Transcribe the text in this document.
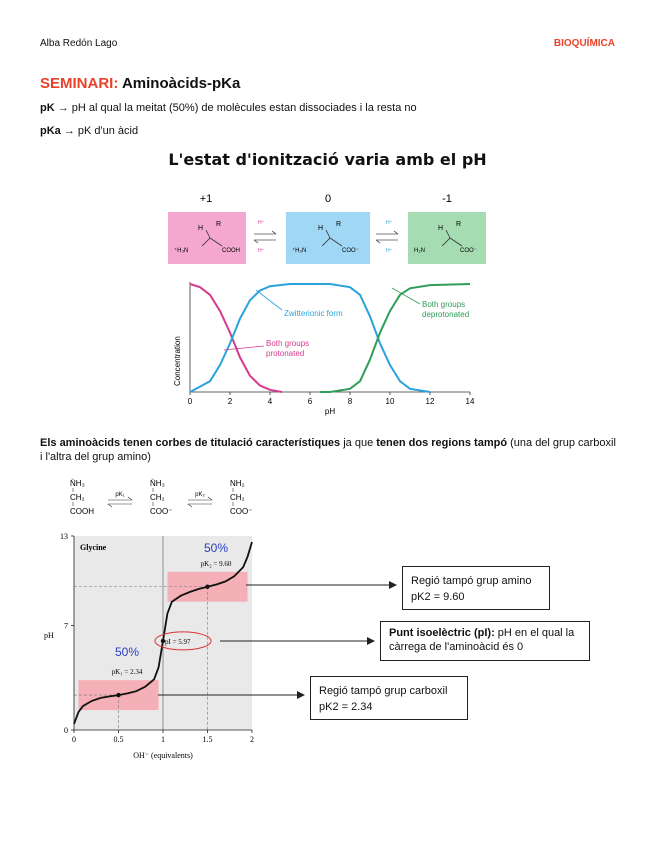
Alba Redón Lago	BIOQUÍMICA
SEMINARI: Aminoàcids-pKa
pK → pH al qual la meitat (50%) de molècules estan dissociades i la resta no
pKa → pK d'un àcid
L'estat d'ionització varia amb el pH
+1	0	-1
H
R
⁺H₃N	COOH
H
R
⁺H₃N	COO⁻
H
R
H₂N	COO⁻
H⁺
H⁺
H⁺
H⁺
Concentration
pH
0	2	4	6	8	10	12	14
Zwitterionic form
Both groups
deprotonated
Both groups
protonated
Els aminoàcids tenen corbes de titulació característiques ja que tenen dos regions tampó (una del grup carboxil i l'altra del grup amino)
N̈H₃
CH₂
COOH
N̈H₃
CH₂
COO⁻
NH₂
CH₂
COO⁻
pK₁	pK₂
0	0.5	1	1.5	2
0
7
13
Glycine
pH
OH⁻ (equivalents)
50%
pK₂ = 9.60
50%
pK₁ = 2.34
pI = 5.97
Regió tampó grup amino
pK2 = 9.60
Punt isoelèctric (pI): pH en el qual la càrrega de l'aminoàcid és 0
Regió tampó grup carboxil
pK2 = 2.34
